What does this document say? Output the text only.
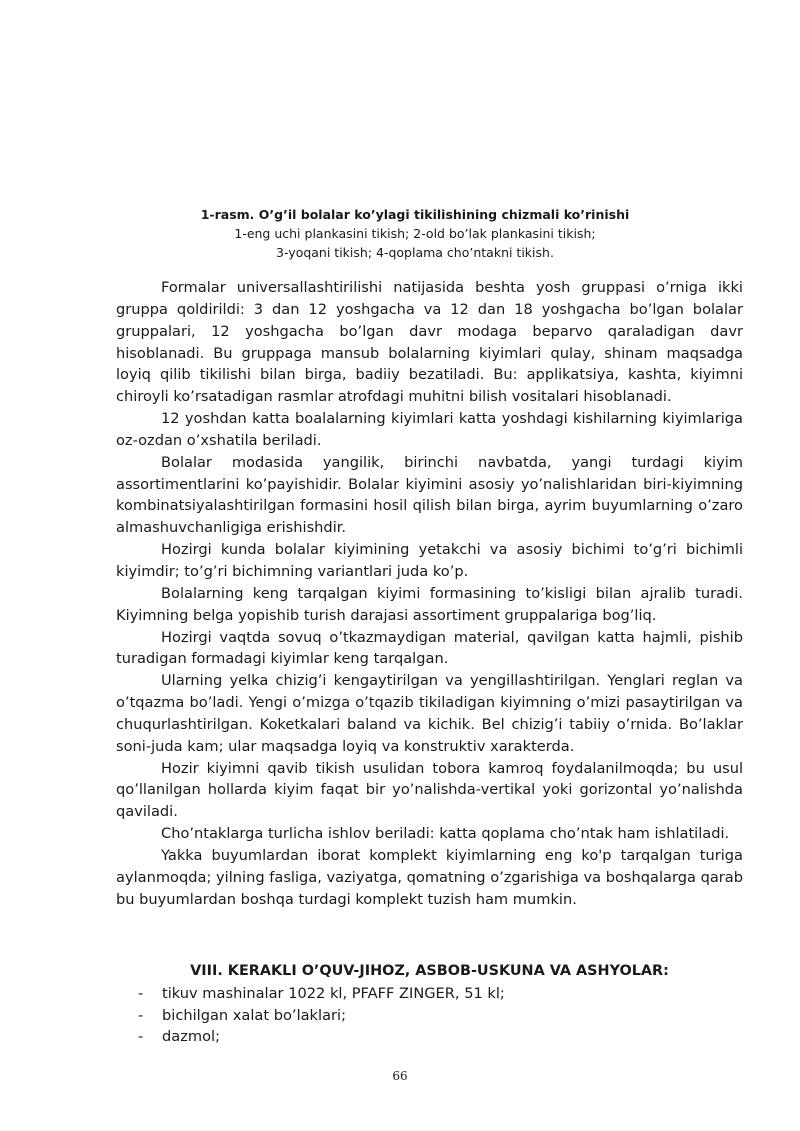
1-rasm. O’g’il bolalar ko’ylagi tikilishining chizmali ko’rinishi
1-eng uchi plankasini tikish; 2-old bo’lak plankasini tikish;
3-yoqani tikish; 4-qoplama cho’ntakni tikish.

Formalar universallashtirilishi natijasida beshta yosh gruppasi o’rniga ikki gruppa qoldirildi: 3 dan 12 yoshgacha va 12 dan 18 yoshgacha bo’lgan bolalar gruppalari, 12 yoshgacha bo’lgan davr modaga beparvo qaraladigan davr hisoblanadi. Bu gruppaga mansub bolalarning kiyimlari qulay, shinam maqsadga loyiq qilib tikilishi bilan birga, badiiy bezatiladi. Bu: applikatsiya, kashta, kiyimni chiroyli ko’rsatadigan rasmlar atrofdagi muhitni bilish vositalari hisoblanadi.

12 yoshdan katta boalalarning kiyimlari katta yoshdagi kishilarning kiyimlariga oz-ozdan o’xshatila beriladi.

Bolalar modasida yangilik, birinchi navbatda, yangi turdagi kiyim assortimentlarini ko’payishidir. Bolalar kiyimini asosiy yo’nalishlaridan biri-kiyimning kombinatsiyalashtirilgan formasini hosil qilish bilan birga, ayrim buyumlarning o’zaro almashuvchanligiga erishishdir.

Hozirgi kunda bolalar kiyimining yetakchi va asosiy bichimi to’g’ri bichimli kiyimdir; to’g’ri bichimning variantlari juda ko’p.

Bolalarning keng tarqalgan kiyimi formasining to’kisligi bilan ajralib turadi. Kiyimning belga yopishib turish darajasi assortiment gruppalariga bog’liq.

Hozirgi vaqtda sovuq o’tkazmaydigan material, qavilgan katta hajmli, pishib turadigan formadagi kiyimlar keng tarqalgan.

Ularning yelka chizig’i kengaytirilgan va yengillashtirilgan. Yenglari reglan va o’tqazma bo’ladi. Yengi o’mizga o’tqazib tikiladigan kiyimning o’mizi pasaytirilgan va chuqurlashtirilgan. Koketkalari baland va kichik. Bel chizig’i tabiiy o’rnida. Bo’laklar soni-juda kam; ular maqsadga loyiq va konstruktiv xarakterda.

Hozir kiyimni qavib tikish usulidan tobora kamroq foydalanilmoqda; bu usul qo’llanilgan hollarda kiyim faqat bir yo’nalishda-vertikal yoki gorizontal yo’nalishda qaviladi.

Cho’ntaklarga turlicha ishlov beriladi: katta qoplama cho’ntak ham ishlatiladi.

Yakka buyumlardan iborat komplekt kiyimlarning eng ko'p tarqalgan turiga aylanmoqda; yilning fasliga, vaziyatga, qomatning o’zgarishiga va boshqalarga qarab bu buyumlardan boshqa turdagi komplekt tuzish ham mumkin.

VIII. KERAKLI O’QUV-JIHOZ, ASBOB-USKUNA VA ASHYOLAR:
- tikuv mashinalar 1022 kl, PFAFF ZINGER, 51 kl;
- bichilgan xalat bo’laklari;
- dazmol;
66
